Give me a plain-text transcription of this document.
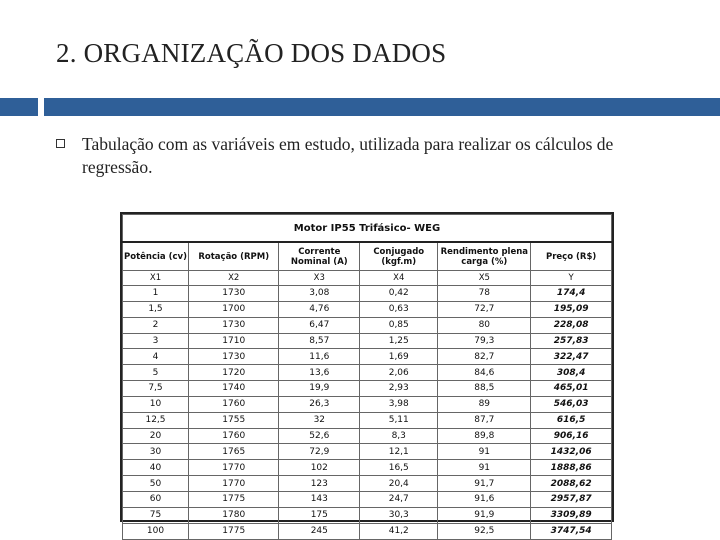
2. ORGANIZAÇÃO DOS DADOS
Tabulação com as variáveis em estudo, utilizada para realizar os cálculos de regressão.
Motor IP55 Trifásico- WEG					
Potência (cv)	Rotação (RPM)	Corrente Nominal (A)	Conjugado (kgf.m)	Rendimento plena carga (%)	Preço (R$)
X1	X2	X3	X4	X5	Y
1	1730	3,08	0,42	78	174,4
1,5	1700	4,76	0,63	72,7	195,09
2	1730	6,47	0,85	80	228,08
3	1710	8,57	1,25	79,3	257,83
4	1730	11,6	1,69	82,7	322,47
5	1720	13,6	2,06	84,6	308,4
7,5	1740	19,9	2,93	88,5	465,01
10	1760	26,3	3,98	89	546,03
12,5	1755	32	5,11	87,7	616,5
20	1760	52,6	8,3	89,8	906,16
30	1765	72,9	12,1	91	1432,06
40	1770	102	16,5	91	1888,86
50	1770	123	20,4	91,7	2088,62
60	1775	143	24,7	91,6	2957,87
75	1780	175	30,3	91,9	3309,89
100	1775	245	41,2	92,5	3747,54
